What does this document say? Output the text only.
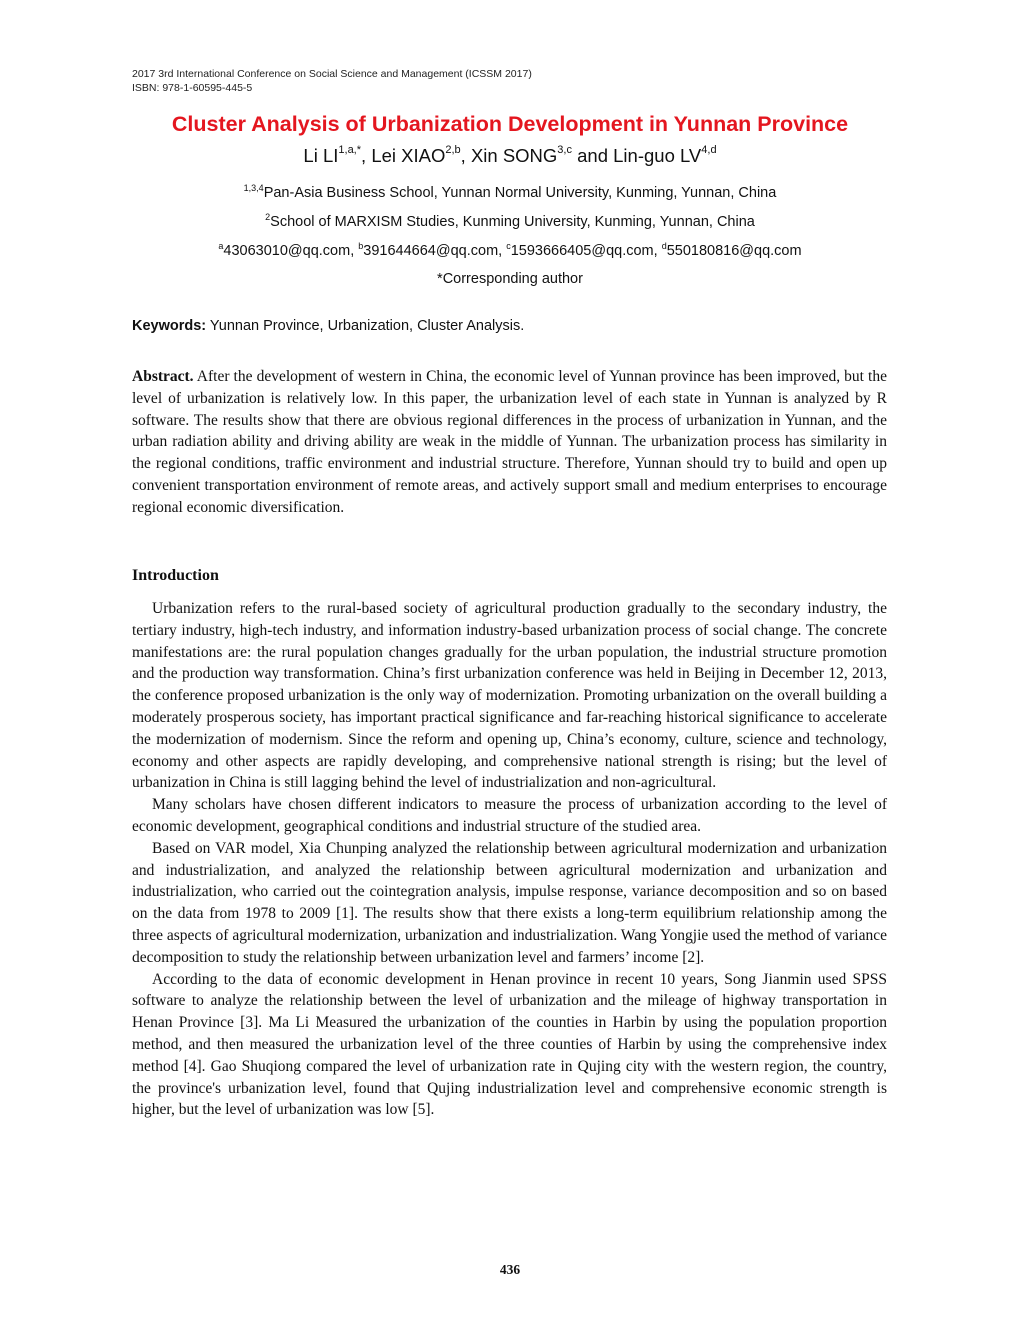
2017 3rd International Conference on Social Science and Management (ICSSM 2017)
ISBN: 978-1-60595-445-5
Cluster Analysis of Urbanization Development in Yunnan Province
Li $LI^{1,a,*}$, Lei XIAO$^{2,b}$, Xin SONG$^{3,c}$ and Lin-guo LV$^{4,d}$
$^{1,3,4}$Pan-Asia Business School, Yunnan Normal University, Kunming, Yunnan, China
$^2$School of MARXISM Studies, Kunming University, Kunming, Yunnan, China
$^a$43063010@qq.com, $^b$391644664@qq.com, $^c$1593666405@qq.com, $^d$550180816@qq.com
*Corresponding author
Keywords: Yunnan Province, Urbanization, Cluster Analysis.

Abstract. After the development of western in China, the economic level of Yunnan province has been improved, but the level of urbanization is relatively low. In this paper, the urbanization level of each state in Yunnan is analyzed by R software. The results show that there are obvious regional differences in the process of urbanization in Yunnan, and the urban radiation ability and driving ability are weak in the middle of Yunnan. The urbanization process has similarity in the regional conditions, traffic environment and industrial structure. Therefore, Yunnan should try to build and open up convenient transportation environment of remote areas, and actively support small and medium enterprises to encourage regional economic diversification.

Introduction

Urbanization refers to the rural-based society of agricultural production gradually to the secondary industry, the tertiary industry, high-tech industry, and information industry-based urbanization process of social change. The concrete manifestations are: the rural population changes gradually for the urban population, the industrial structure promotion and the production way transformation. China’s first urbanization conference was held in Beijing in December 12, 2013, the conference proposed urbanization is the only way of modernization. Promoting urbanization on the overall building a moderately prosperous society, has important practical significance and far-reaching historical significance to accelerate the modernization of modernism. Since the reform and opening up, China’s economy, culture, science and technology, economy and other aspects are rapidly developing, and comprehensive national strength is rising; but the level of urbanization in China is still lagging behind the level of industrialization and non-agricultural.

Many scholars have chosen different indicators to measure the process of urbanization according to the level of economic development, geographical conditions and industrial structure of the studied area.

Based on VAR model, Xia Chunping analyzed the relationship between agricultural modernization and urbanization and industrialization, and analyzed the relationship between agricultural modernization and urbanization and industrialization, who carried out the cointegration analysis, impulse response, variance decomposition and so on based on the data from 1978 to 2009 [1]. The results show that there exists a long-term equilibrium relationship among the three aspects of agricultural modernization, urbanization and industrialization. Wang Yongjie used the method of variance decomposition to study the relationship between urbanization level and farmers’ income [2].

According to the data of economic development in Henan province in recent 10 years, Song Jianmin used SPSS software to analyze the relationship between the level of urbanization and the mileage of highway transportation in Henan Province [3]. Ma Li Measured the urbanization of the counties in Harbin by using the population proportion method, and then measured the urbanization level of the three counties of Harbin by using the comprehensive index method [4]. Gao Shuqiong compared the level of urbanization rate in Qujing city with the western region, the country, the province's urbanization level, found that Qujing industrialization level and comprehensive economic strength is higher, but the level of urbanization was low [5].

436
